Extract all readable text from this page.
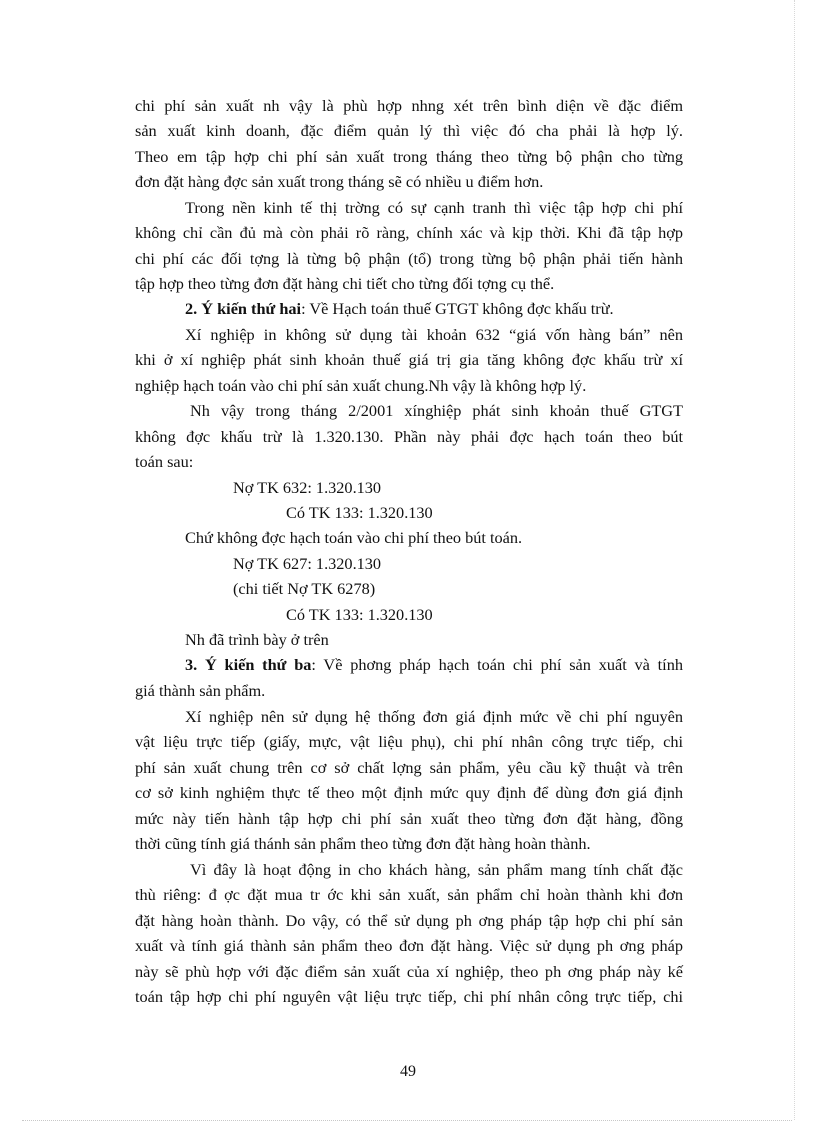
chi phí sản xuất nh vậy là phù hợp nhng xét trên bình diện về đặc điểm
sản xuất kinh doanh, đặc điểm quản lý thì việc đó cha phải là hợp lý.
Theo em tập hợp chi phí sản xuất trong tháng theo từng bộ phận cho từng
đơn đặt hàng đợc sản xuất trong tháng sẽ có nhiều u điểm hơn.
Trong nền kinh tế thị trờng có sự cạnh tranh thì việc tập hợp chi phí
không chỉ cần đủ mà còn phải rõ ràng, chính xác và kịp thời. Khi đã tập hợp
chi phí các đối tợng là từng bộ phận (tổ) trong từng bộ phận phải tiến hành
tập hợp theo từng đơn đặt hàng chi tiết cho từng đối tợng cụ thể.
2. Ý kiến thứ hai: Về Hạch toán thuế GTGT không đợc khấu trừ.
Xí nghiệp in không sử dụng tài khoản 632 “giá vốn hàng bán” nên
khi ở xí nghiệp phát sinh khoản thuế giá trị gia tăng không đợc khấu trừ xí
nghiệp hạch toán vào chi phí sản xuất chung.Nh vậy là không hợp lý.
Nh vậy trong tháng 2/2001 xínghiệp phát sinh khoản thuế GTGT
không đợc khấu trừ là 1.320.130. Phần này phải đợc hạch toán theo bút
toán sau:
Nợ TK 632: 1.320.130
Có TK 133: 1.320.130
Chứ không đợc hạch toán vào chi phí theo bút toán.
Nợ TK 627: 1.320.130
(chi tiết Nợ TK 6278)
Có TK 133: 1.320.130
Nh đã trình bày ở trên
3. Ý kiến thứ ba: Về phơng pháp hạch toán chi phí sản xuất và tính
giá thành sản phẩm.
Xí nghiệp nên sử dụng hệ thống đơn giá định mức về chi phí nguyên
vật liệu trực tiếp (giấy, mực, vật liệu phụ), chi phí nhân công trực tiếp, chi
phí sản xuất chung trên cơ sở chất lợng sản phẩm, yêu cầu kỹ thuật và trên
cơ sở kinh nghiệm thực tế theo một định mức quy định để dùng đơn giá định
mức này tiến hành tập hợp chi phí sản xuất theo từng đơn đặt hàng, đồng
thời cũng tính giá thánh sản phẩm theo từng đơn đặt hàng hoàn thành.
Vì đây là hoạt động in cho khách hàng, sản phẩm mang tính chất đặc
thù riêng: đ ợc đặt mua tr ớc khi sản xuất, sản phẩm chỉ hoàn thành khi đơn
đặt hàng hoàn thành. Do vậy, có thể sử dụng ph ơng pháp tập hợp chi phí sản
xuất và tính giá thành sản phẩm theo đơn đặt hàng. Việc sử dụng ph ơng pháp
này sẽ phù hợp với đặc điểm sản xuất của xí nghiệp, theo ph ơng pháp này kế
toán tập hợp chi phí nguyên vật liệu trực tiếp, chi phí nhân công trực tiếp, chi
49
